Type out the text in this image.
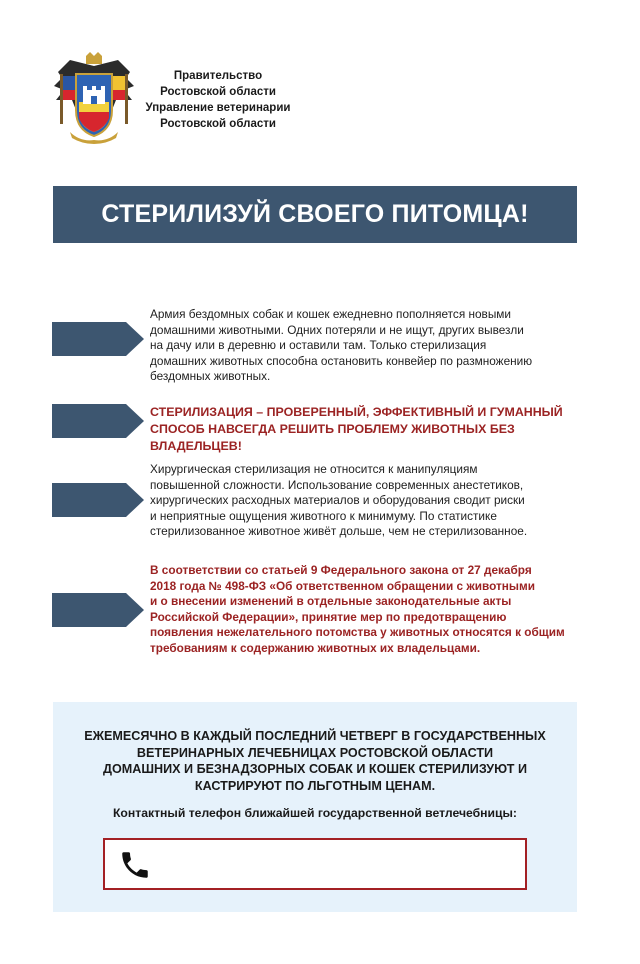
Правительство
Ростовской области
Управление ветеринарии
Ростовской области
СТЕРИЛИЗУЙ СВОЕГО ПИТОМЦА!
Армия бездомных собак и кошек ежедневно пополняется новыми
домашними животными. Одних потеряли и не ищут, других вывезли
на дачу или в деревню и оставили там. Только стерилизация
домашних животных способна остановить конвейер по размножению
бездомных животных.
СТЕРИЛИЗАЦИЯ – ПРОВЕРЕННЫЙ, ЭФФЕКТИВНЫЙ И ГУМАННЫЙ
СПОСОБ НАВСЕГДА РЕШИТЬ ПРОБЛЕМУ ЖИВОТНЫХ БЕЗ ВЛАДЕЛЬЦЕВ!
Хирургическая стерилизация не относится к манипуляциям
повышенной сложности. Использование современных анестетиков,
хирургических расходных материалов и оборудования сводит риски
и неприятные ощущения животного к минимуму. По статистике
стерилизованное животное живёт дольше, чем не стерилизованное.
В соответствии со статьей 9 Федерального закона от 27 декабря
2018 года № 498-ФЗ «Об ответственном обращении с животными
и о внесении изменений в отдельные законодательные акты
Российской Федерации», принятие мер по предотвращению
появления нежелательного потомства у животных относятся к общим
требованиям к содержанию животных их владельцами.
ЕЖЕМЕСЯЧНО В КАЖДЫЙ ПОСЛЕДНИЙ ЧЕТВЕРГ В ГОСУДАРСТВЕННЫХ
ВЕТЕРИНАРНЫХ ЛЕЧЕБНИЦАХ РОСТОВСКОЙ ОБЛАСТИ
ДОМАШНИХ И БЕЗНАДЗОРНЫХ СОБАК И КОШЕК СТЕРИЛИЗУЮТ И
КАСТРИРУЮТ ПО ЛЬГОТНЫМ ЦЕНАМ.
Контактный телефон ближайшей государственной ветлечебницы:
